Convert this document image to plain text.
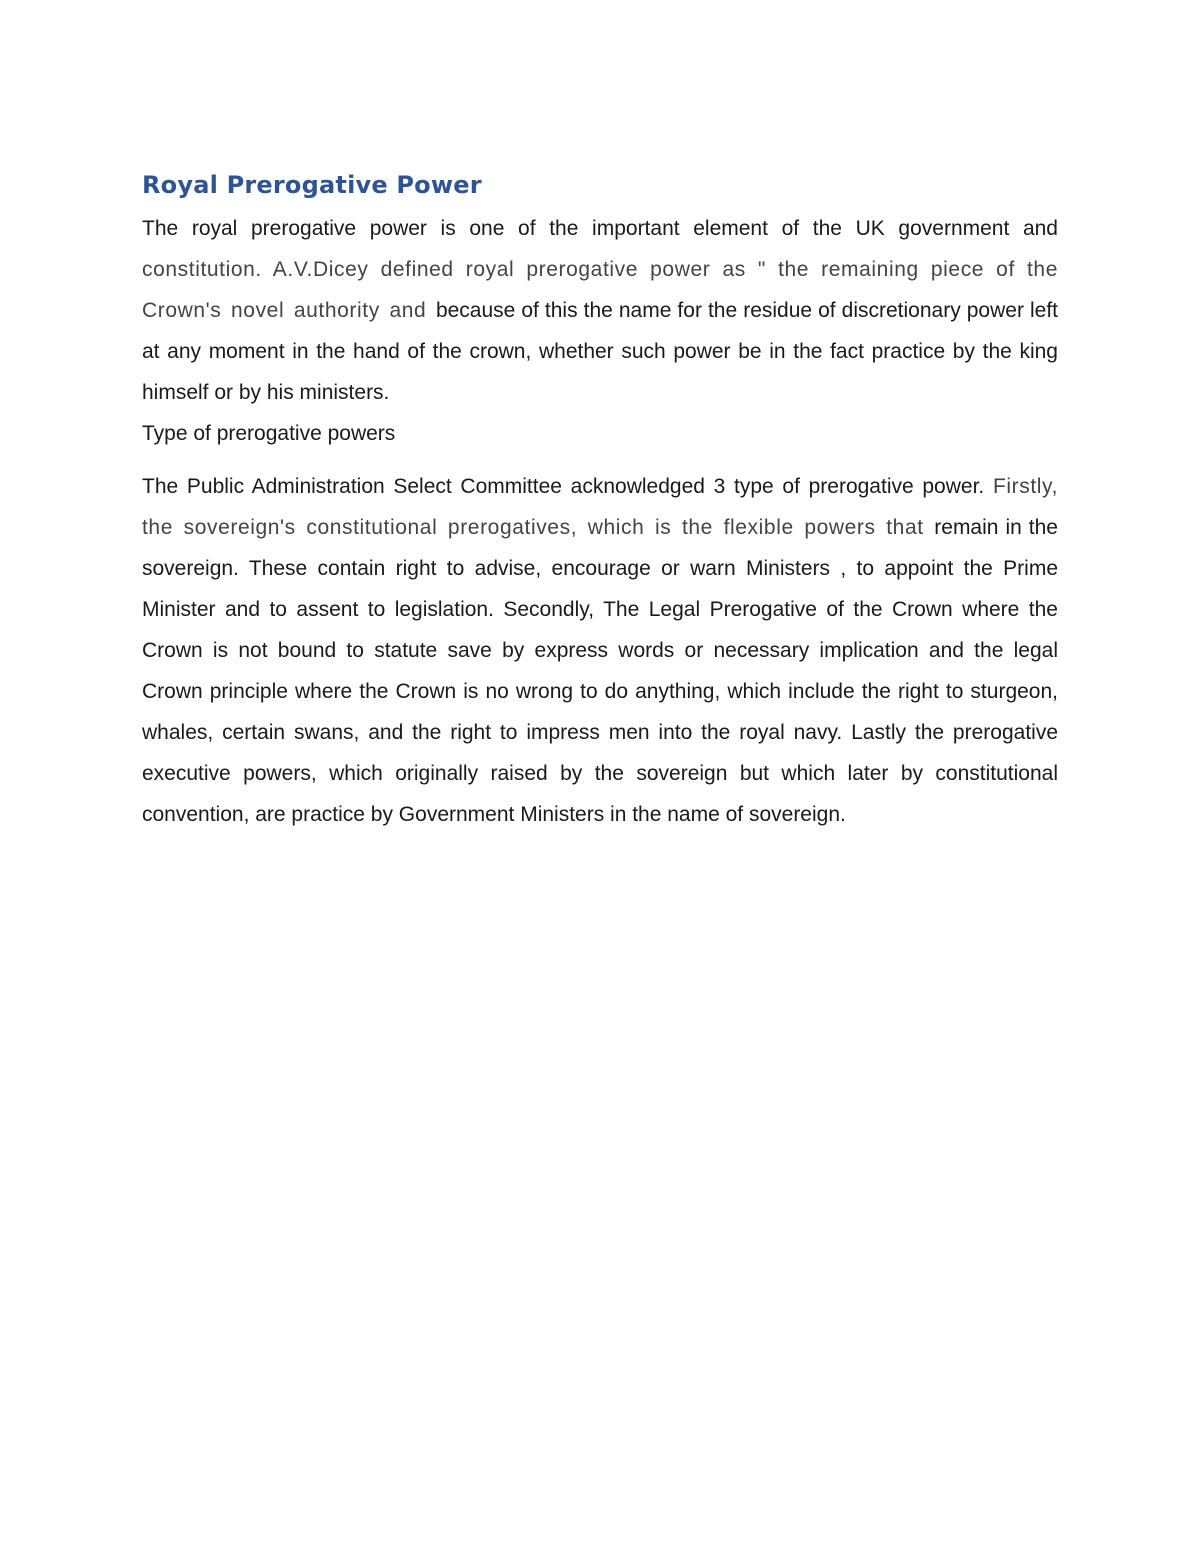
Royal Prerogative Power

The royal prerogative power is one of the important element of the UK government and constitution. A.V.Dicey defined royal prerogative power as " the remaining piece of the Crown's novel authority and because of this the name for the residue of discretionary power left at any moment in the hand of the crown, whether such power be in the fact practice by the king himself or by his ministers.

Type of prerogative powers

The Public Administration Select Committee acknowledged 3 type of prerogative power. Firstly, the sovereign's constitutional prerogatives, which is the flexible powers that remain in the sovereign. These contain right to advise, encourage or warn Ministers , to appoint the Prime Minister and to assent to legislation. Secondly, The Legal Prerogative of the Crown where the Crown is not bound to statute save by express words or necessary implication and the legal Crown principle where the Crown is no wrong to do anything, which include the right to sturgeon, whales, certain swans, and the right to impress men into the royal navy. Lastly the prerogative executive powers, which originally raised by the sovereign but which later by constitutional convention, are practice by Government Ministers in the name of sovereign.
